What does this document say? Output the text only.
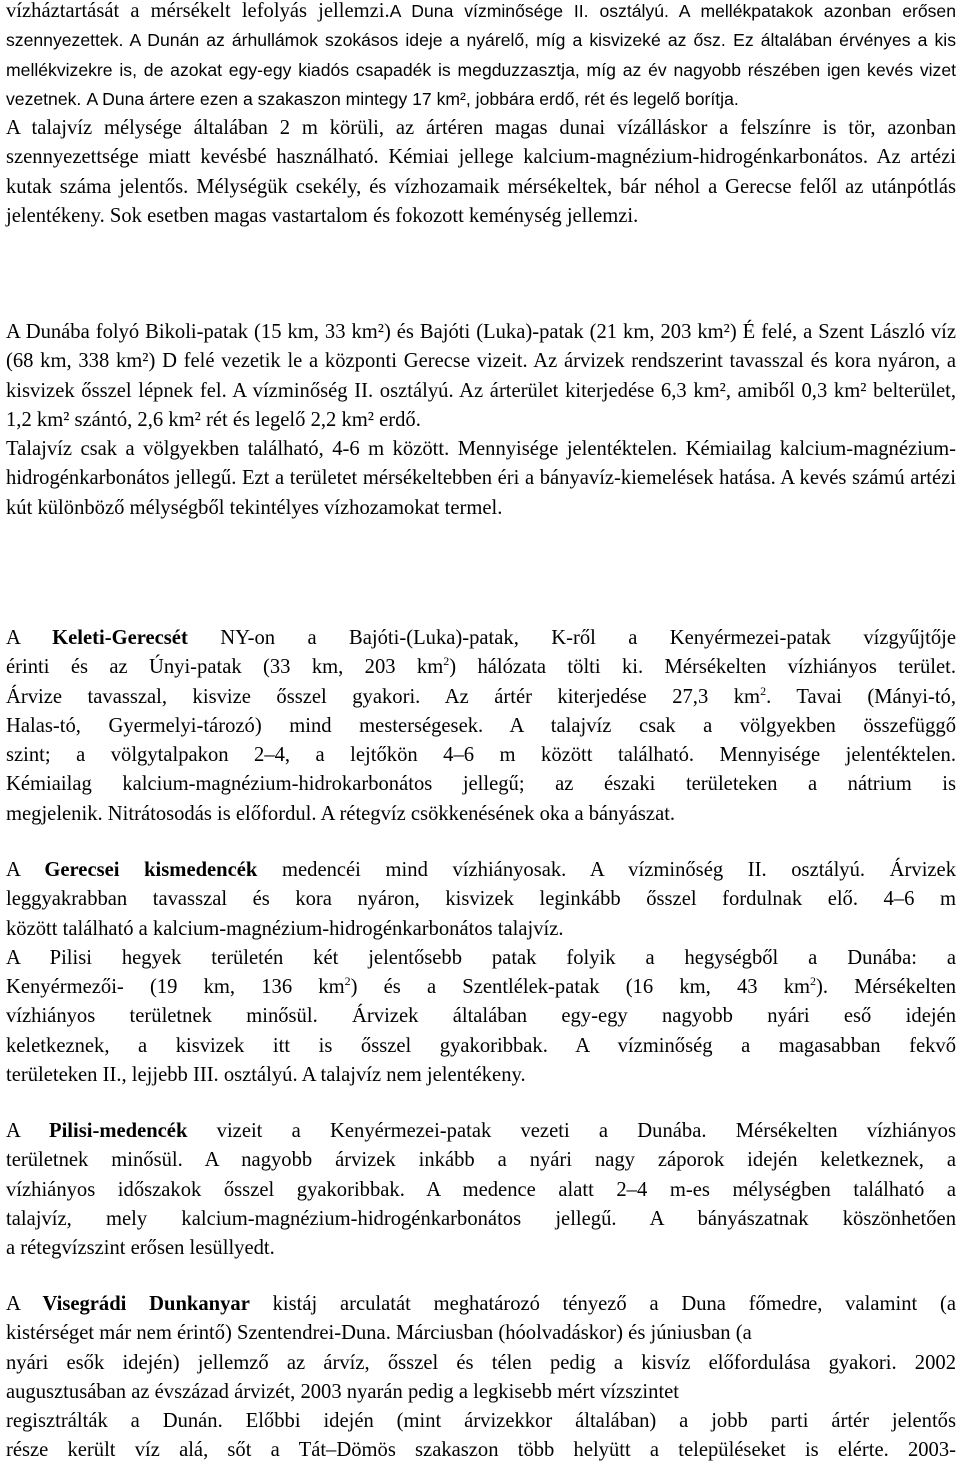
vízháztartását a mérsékelt lefolyás jellemzi.A Duna vízminősége II. osztályú. A mellékpatakok azonban erősen szennyezettek. A Dunán az árhullámok szokásos ideje a nyárelő, míg a kisvizeké az ősz. Ez általában érvényes a kis mellékvizekre is, de azokat egy-egy kiadós csapadék is megduzzasztja, míg az év nagyobb részében igen kevés vizet vezetnek. A Duna ártere ezen a szakaszon mintegy 17 km², jobbára erdő, rét és legelő borítja.
A talajvíz mélysége általában 2 m körüli, az ártéren magas dunai vízálláskor a felszínre is tör, azonban szennyezettsége miatt kevésbé használható. Kémiai jellege kalcium-magnézium-hidrogénkarbonátos. Az artézi kutak száma jelentős. Mélységük csekély, és vízhozamaik mérsékeltek, bár néhol a Gerecse felől az utánpótlás jelentékeny. Sok esetben magas vastartalom és fokozott keménység jellemzi.

A Dunába folyó Bikoli-patak (15 km, 33 km²) és Bajóti (Luka)-patak (21 km, 203 km²) É felé, a Szent László víz (68 km, 338 km²) D felé vezetik le a központi Gerecse vizeit. Az árvizek rendszerint tavasszal és kora nyáron, a kisvizek ősszel lépnek fel. A vízminőség II. osztályú. Az árterület kiterjedése 6,3 km², amiből 0,3 km² belterület, 1,2 km² szántó, 2,6 km² rét és legelő 2,2 km² erdő.
Talajvíz csak a völgyekben található, 4-6 m között. Mennyisége jelentéktelen. Kémiailag kalcium-magnézium-hidrogénkarbonátos jellegű. Ezt a területet mérsékeltebben éri a bányavíz-kiemelések hatása. A kevés számú artézi kút különböző mélységből tekintélyes vízhozamokat termel.

A Keleti-Gerecsét NY-on a Bajóti-(Luka)-patak, K-ről a Kenyérmezei-patak vízgyűjtője
érinti és az Únyi-patak (33 km, 203 $km^2$) hálózata tölti ki. Mérsékelten vízhiányos terület.
Árvize tavasszal, kisvize ősszel gyakori. Az ártér kiterjedése 27,3 $km^2$. Tavai (Mányi-tó,
Halas-tó, Gyermelyi-tározó) mind mesterségesek. A talajvíz csak a völgyekben összefüggő
szint; a völgytalpakon 2–4, a lejtőkön 4–6 m között található. Mennyisége jelentéktelen.
Kémiailag kalcium-magnézium-hidrokarbonátos jellegű; az északi területeken a nátrium is
megjelenik. Nitrátosodás is előfordul. A rétegvíz csökkenésének oka a bányászat.
A Gerecsei kismedencék medencéi mind vízhiányosak. A vízminőség II. osztályú. Árvizek
leggyakrabban tavasszal és kora nyáron, kisvizek leginkább ősszel fordulnak elő. 4–6 m
között található a kalcium-magnézium-hidrogénkarbonátos talajvíz.
A Pilisi hegyek területén két jelentősebb patak folyik a hegységből a Dunába: a
Kenyérmezői- (19 km, 136 $km^2$) és a Szentlélek-patak (16 km, 43 $km^2$). Mérsékelten
vízhiányos területnek minősül. Árvizek általában egy-egy nagyobb nyári eső idején
keletkeznek, a kisvizek itt is ősszel gyakoribbak. A vízminőség a magasabban fekvő
területeken II., lejjebb III. osztályú. A talajvíz nem jelentékeny.
A Pilisi-medencék vizeit a Kenyérmezei-patak vezeti a Dunába. Mérsékelten vízhiányos
területnek minősül. A nagyobb árvizek inkább a nyári nagy záporok idején keletkeznek, a
vízhiányos időszakok ősszel gyakoribbak. A medence alatt 2–4 m-es mélységben található a
talajvíz, mely kalcium-magnézium-hidrogénkarbonátos jellegű. A bányászatnak köszönhetően
a rétegvízszint erősen lesüllyedt.
A Visegrádi Dunkanyar kistáj arculatát meghatározó tényező a Duna főmedre, valamint (a
kistérséget már nem érintő) Szentendrei-Duna. Márciusban (hóolvadáskor) és júniusban (a
nyári esők idején) jellemző az árvíz, ősszel és télen pedig a kisvíz előfordulása gyakori. 2002
augusztusában az évszázad árvizét, 2003 nyarán pedig a legkisebb mért vízszintet
regisztrálták a Dunán. Előbbi idején (mint árvizekkor általában) a jobb parti ártér jelentős
része került víz alá, sőt a Tát–Dömös szakaszon több helyütt a településeket is elérte. 2003-
